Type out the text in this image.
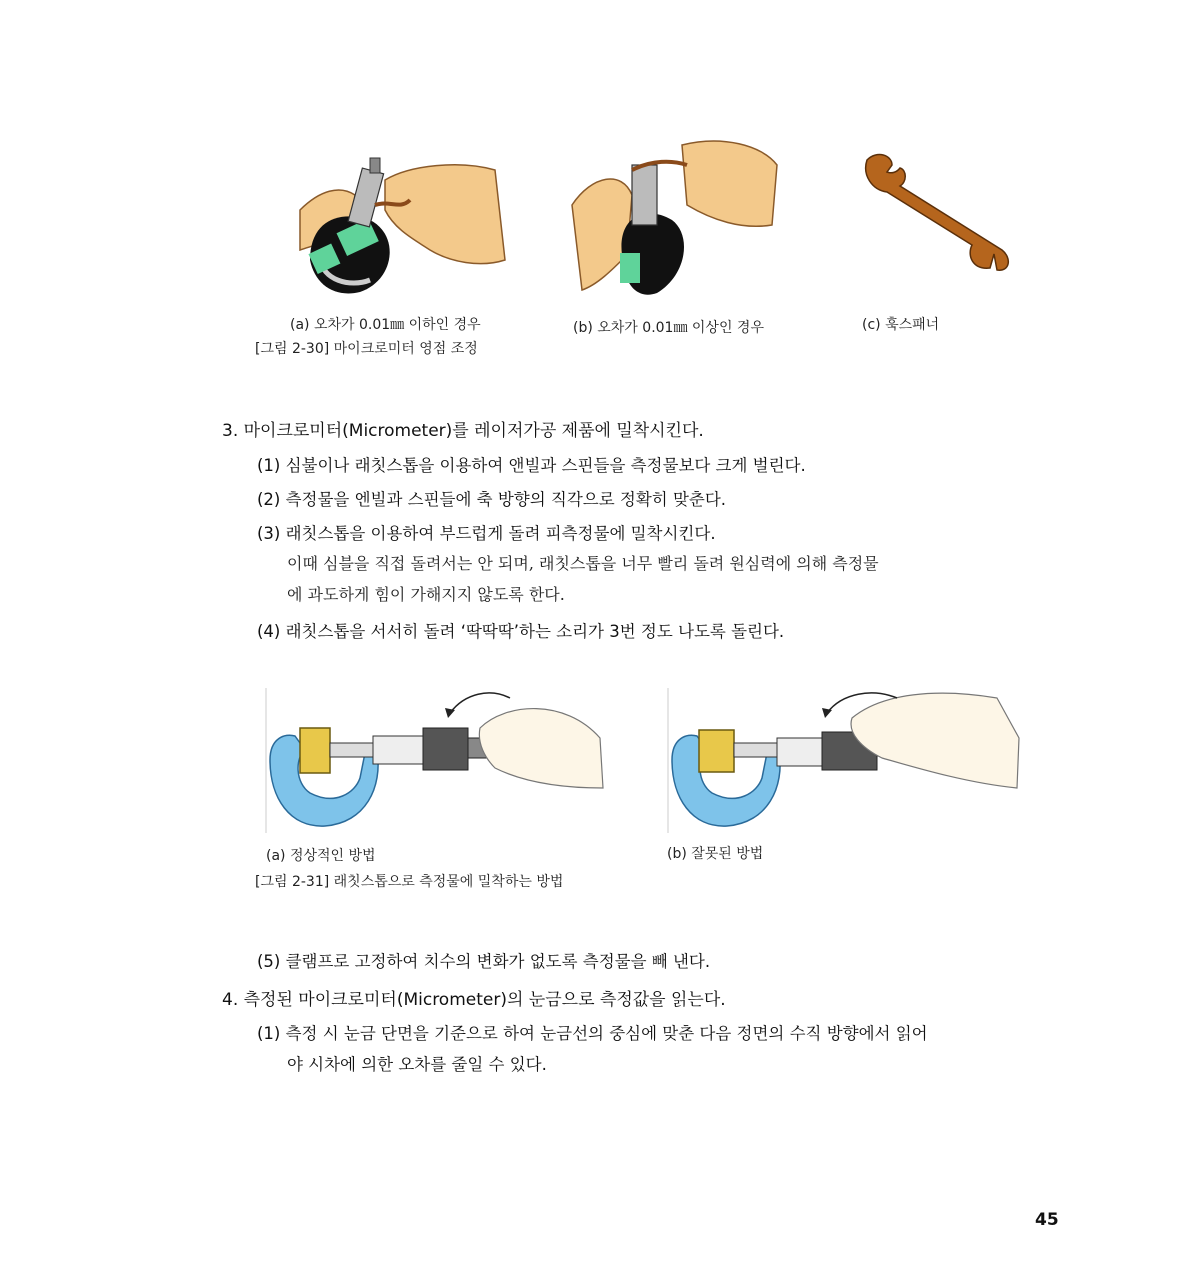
(a) 오차가 0.01㎜ 이하인 경우	(b) 오차가 0.01㎜ 이상인 경우	(c) 훅스패너
[그림 2-30] 마이크로미터 영점 조정
3. 마이크로미터(Micrometer)를 레이저가공 제품에 밀착시킨다.
(1) 심불이나 래칫스톱을 이용하여 앤빌과 스핀들을 측정물보다 크게 벌린다.
(2) 측정물을 엔빌과 스핀들에 축 방향의 직각으로 정확히 맞춘다.
(3) 래칫스톱을 이용하여 부드럽게 돌려 피측정물에 밀착시킨다.
이때 심블을 직접 돌려서는 안 되며, 래칫스톱을 너무 빨리 돌려 원심력에 의해 측정물
에 과도하게 힘이 가해지지 않도록 한다.
(4) 래칫스톱을 서서히 돌려 ‘딱딱딱’하는 소리가 3번 정도 나도록 돌린다.
(a) 정상적인 방법	(b) 잘못된 방법
[그림 2-31] 래칫스톱으로 측정물에 밀착하는 방법
(5) 클램프로 고정하여 치수의 변화가 없도록 측정물을 빼 낸다.
4. 측정된 마이크로미터(Micrometer)의 눈금으로 측정값을 읽는다.
(1) 측정 시 눈금 단면을 기준으로 하여 눈금선의 중심에 맞춘 다음 정면의 수직 방향에서 읽어
야 시차에 의한 오차를 줄일 수 있다.
45
